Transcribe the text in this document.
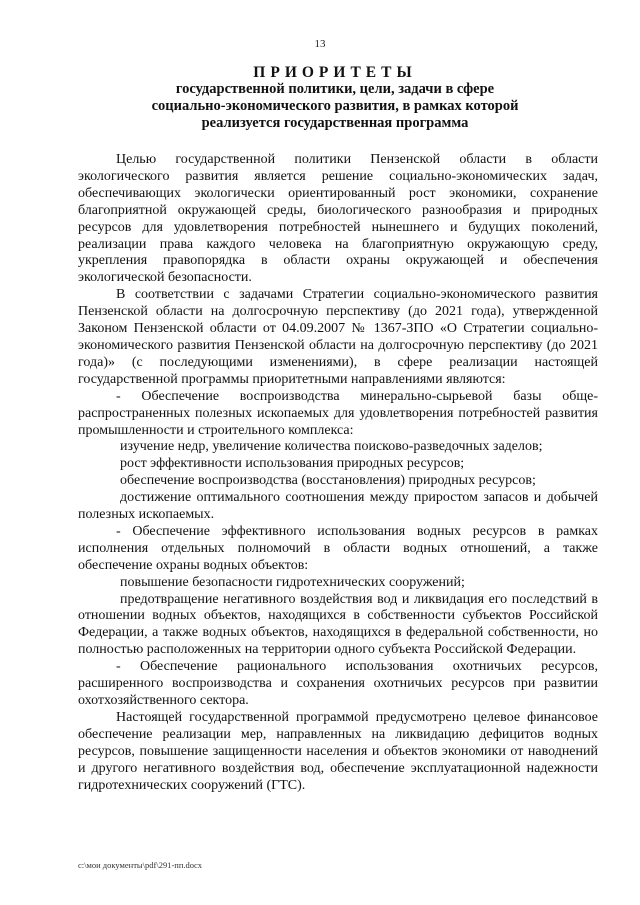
13
ПРИОРИТЕТЫ
государственной политики, цели, задачи в сфере
социально-экономического развития, в рамках которой
реализуется государственная программа

Целью государственной политики Пензенской области в области экологического развития является решение социально-экономических задач, обеспечивающих экологически ориентированный рост экономики, сохранение благоприятной окружающей среды, биологического разнообразия и природных ресурсов для удовлетворения потребностей нынешнего и будущих поколений, реализации права каждого человека на благоприятную окружающую среду, укрепления правопорядка в области охраны окружающей и обеспечения экологической безопасности.

В соответствии с задачами Стратегии социально-экономического развития Пензенской области на долгосрочную перспективу (до 2021 года), утвержденной Законом Пензенской области от 04.09.2007 № 1367-ЗПО «О Стратегии социально-экономического развития Пензенской области на долгосрочную перспективу (до 2021 года)» (с последующими изменениями), в сфере реализации настоящей государственной программы приоритетными направлениями являются:

- Обеспечение воспроизводства минерально-сырьевой базы обще-распространенных полезных ископаемых для удовлетворения потребностей развития промышленности и строительного комплекса:

изучение недр, увеличение количества поисково-разведочных заделов;

рост эффективности использования природных ресурсов;

обеспечение воспроизводства (восстановления) природных ресурсов;

достижение оптимального соотношения между приростом запасов и добычей полезных ископаемых.

- Обеспечение эффективного использования водных ресурсов в рамках исполнения отдельных полномочий в области водных отношений, а также обеспечение охраны водных объектов:

повышение безопасности гидротехнических сооружений;

предотвращение негативного воздействия вод и ликвидация его последствий в отношении водных объектов, находящихся в собственности субъектов Российской Федерации, а также водных объектов, находящихся в федеральной собственности, но полностью расположенных на территории одного субъекта Российской Федерации.

- Обеспечение рационального использования охотничьих ресурсов, расширенного воспроизводства и сохранения охотничьих ресурсов при развитии охотхозяйственного сектора.

Настоящей государственной программой предусмотрено целевое финансовое обеспечение реализации мер, направленных на ликвидацию дефицитов водных ресурсов, повышение защищенности населения и объектов экономики от наводнений и другого негативного воздействия вод, обеспечение эксплуатационной надежности гидротехнических сооружений (ГТС).

c:\мои документы\pdf\291-пп.docx
